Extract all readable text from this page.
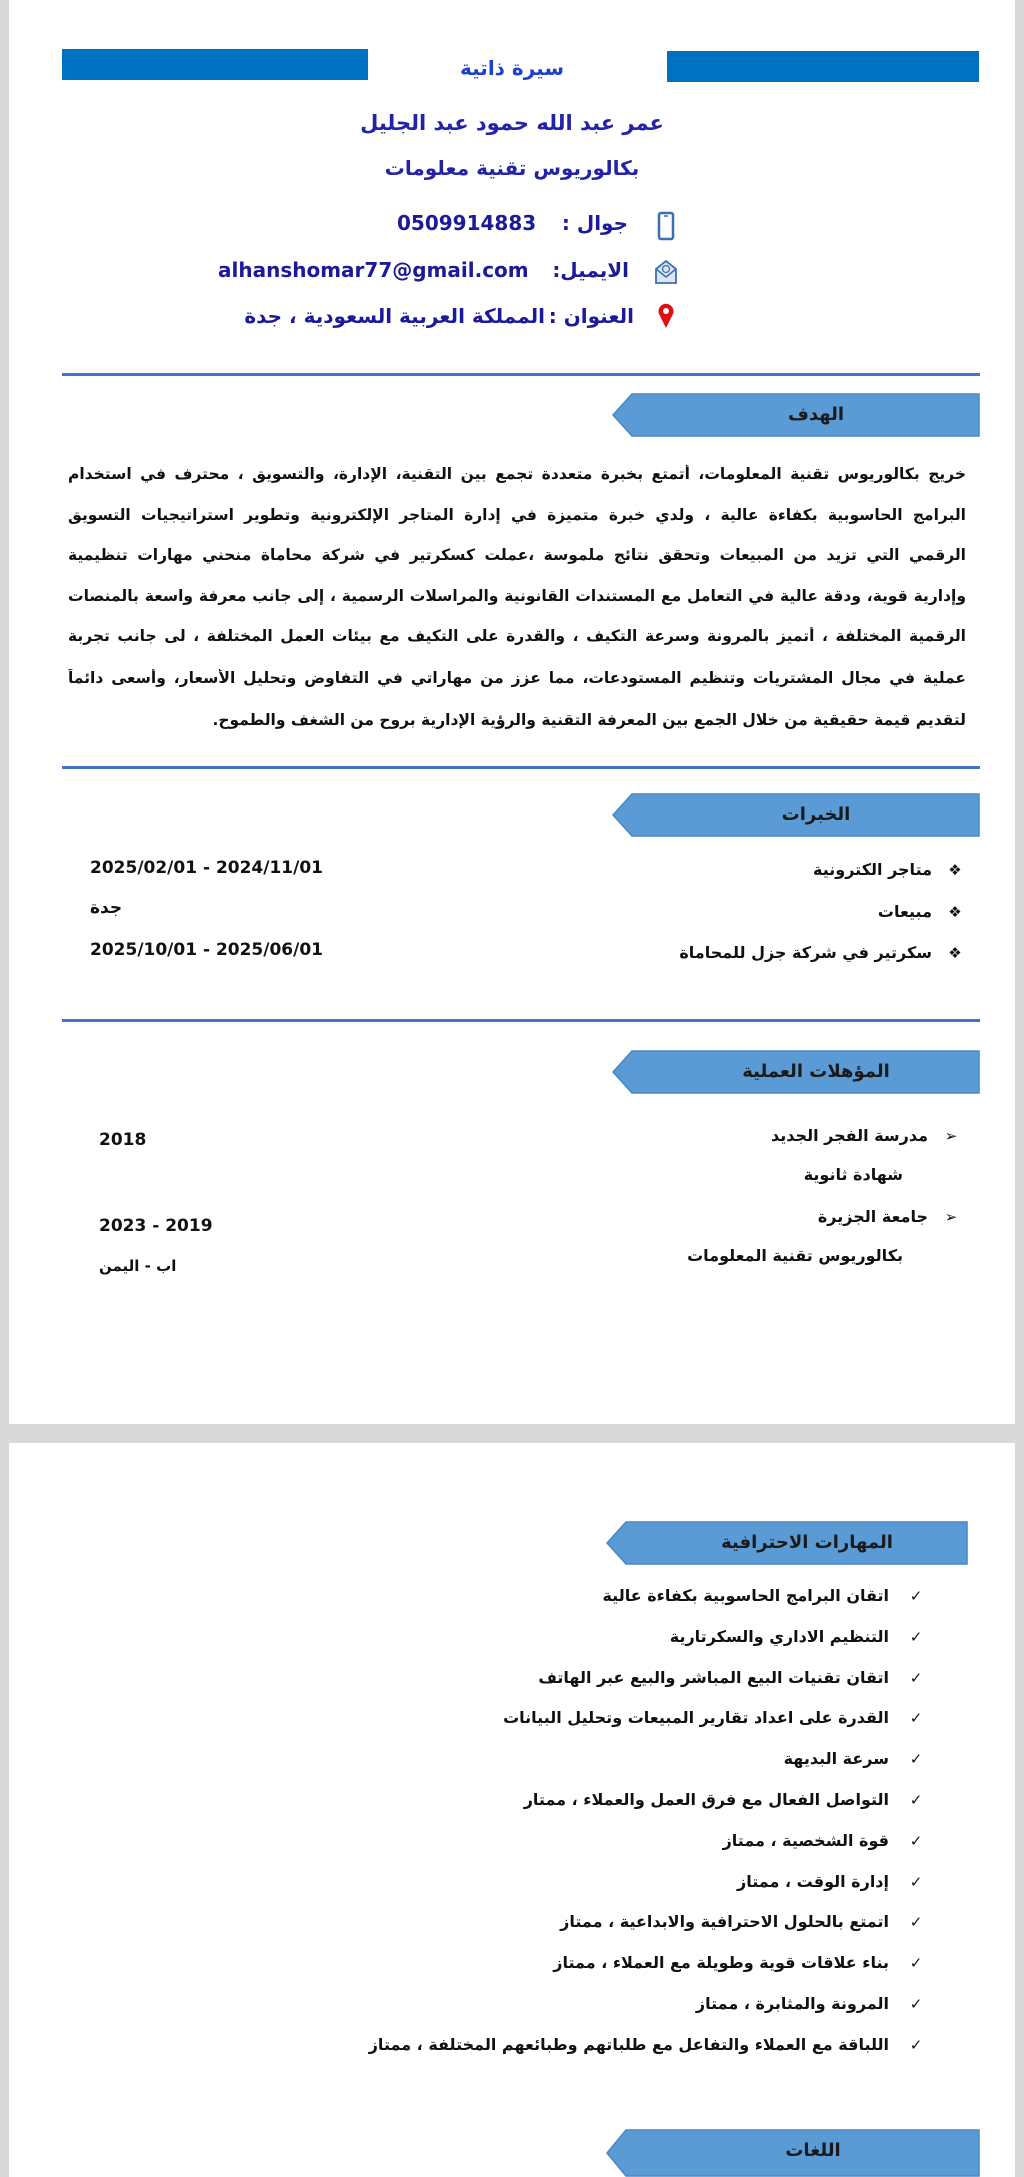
سيرة ذاتية
عمر عبد الله حمود عبد الجليل
بكالوريوس تقنية معلومات
جوال :
0509914883
الايميل:
alhanshomar77@gmail.com
العنوان :
المملكة العربية السعودية ، جدة
الهدف
خريج بكالوريوس تقنية المعلومات، أتمتع بخبرة متعددة تجمع بين التقنية، الإدارة، والتسويق ، محترف في استخدام
البرامج الحاسوبية بكفاءة عالية ، ولدي خبرة متميزة في إدارة المتاجر الإلكترونية وتطوير استراتيجيات التسويق
الرقمي التي تزيد من المبيعات وتحقق نتائج ملموسة ،عملت كسكرتير في شركة محاماة منحني مهارات تنظيمية
وإدارية قوية، ودقة عالية في التعامل مع المستندات القانونية والمراسلات الرسمية ، إلى جانب معرفة واسعة بالمنصات
الرقمية المختلفة ، أتميز بالمرونة وسرعة التكيف ، والقدرة على التكيف مع بيئات العمل المختلفة ، لى جانب تجربة
عملية في مجال المشتريات وتنظيم المستودعات، مما عزز من مهاراتي في التفاوض وتحليل الأسعار، وأسعى دائماً
لتقديم قيمة حقيقية من خلال الجمع بين المعرفة التقنية والرؤية الإدارية بروح من الشغف والطموح.
الخبرات
❖متاجر الكترونية
2025/02/01 - 2024/11/01
❖مبيعات
جدة
❖سكرتير في شركة جزل للمحاماة
2025/10/01 - 2025/06/01
المؤهلات العملية
➢مدرسة الفجر الجديد
شهادة ثانوية
2018
➢جامعة الجزيرة
بكالوريوس تقنية المعلومات
2023 - 2019
اب - اليمن
المهارات الاحترافية
✓اتقان البرامج الحاسوبية بكفاءة عالية
✓التنظيم الاداري والسكرتارية
✓اتقان تقنيات البيع المباشر والبيع عبر الهاتف
✓القدرة على اعداد تقارير المبيعات وتحليل البيانات
✓سرعة البديهة
✓التواصل الفعال مع فرق العمل والعملاء ، ممتار
✓قوة الشخصية ، ممتاز
✓إدارة الوقت ، ممتاز
✓اتمتع بالحلول الاحترافية والابداعية ، ممتاز
✓بناء علاقات قوية وطويلة مع العملاء ، ممتاز
✓المرونة والمثابرة ، ممتاز
✓اللباقة مع العملاء والتفاعل مع طلباتهم وطبائعهم المختلفة ، ممتاز
اللغات
